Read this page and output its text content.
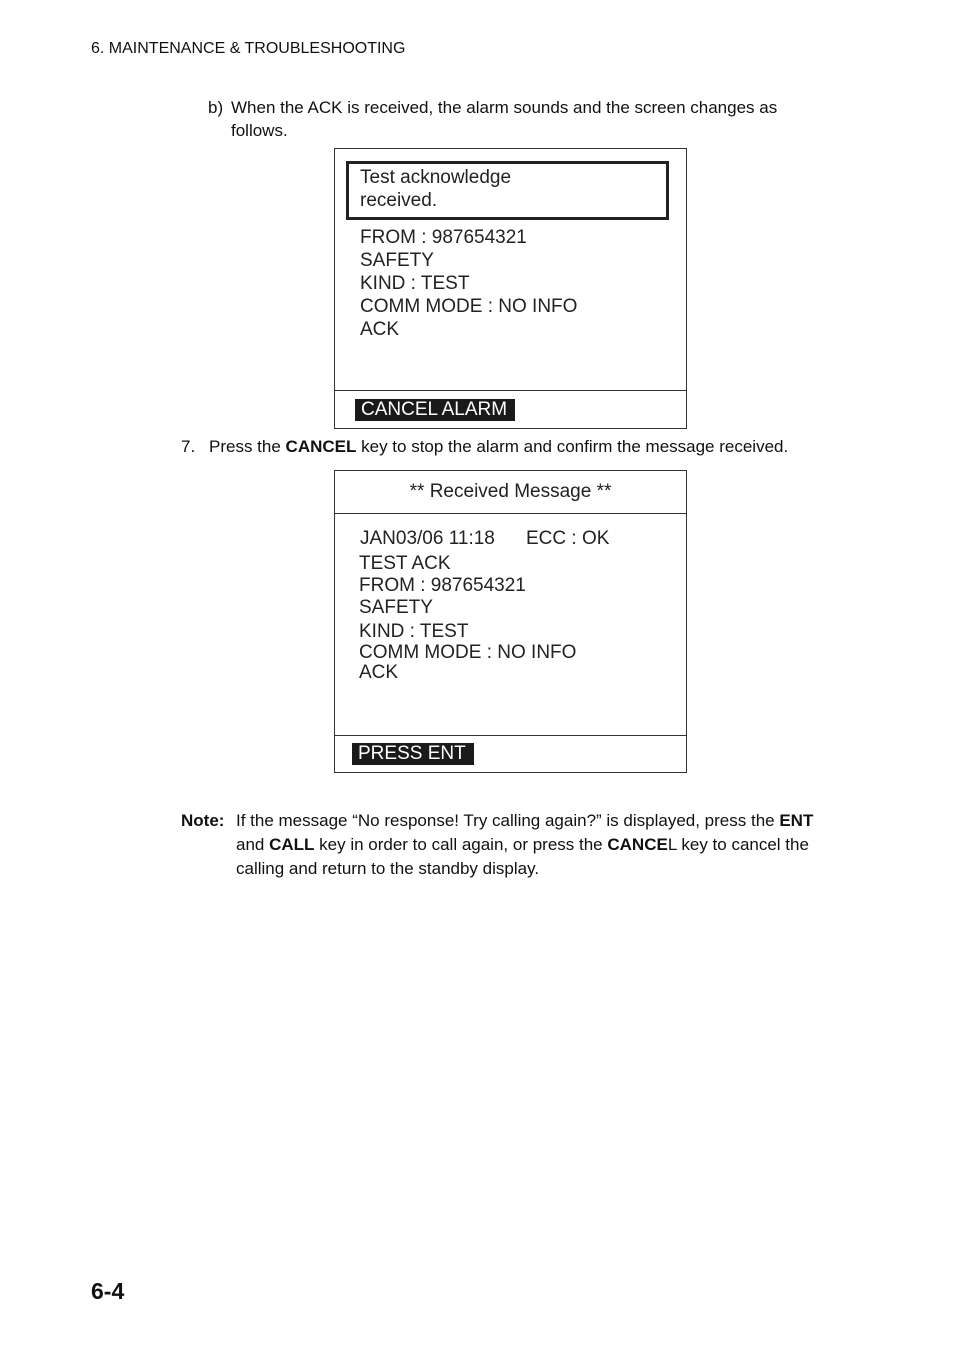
6. MAINTENANCE & TROUBLESHOOTING
b) When the ACK is received, the alarm sounds and the screen changes as follows.
Test acknowledge
received.
FROM : 987654321
SAFETY
KIND : TEST
COMM MODE : NO INFO
ACK
CANCEL ALARM
7. Press the CANCEL key to stop the alarm and confirm the message received.
** Received Message **
JAN03/06 11:18 ECC : OK
TEST ACK
FROM : 987654321
SAFETY
KIND : TEST
COMM MODE : NO INFO
ACK
PRESS ENT
Note: If the message “No response! Try calling again?” is displayed, press the ENT and CALL key in order to call again, or press the CANCEL key to cancel the calling and return to the standby display.
6-4
